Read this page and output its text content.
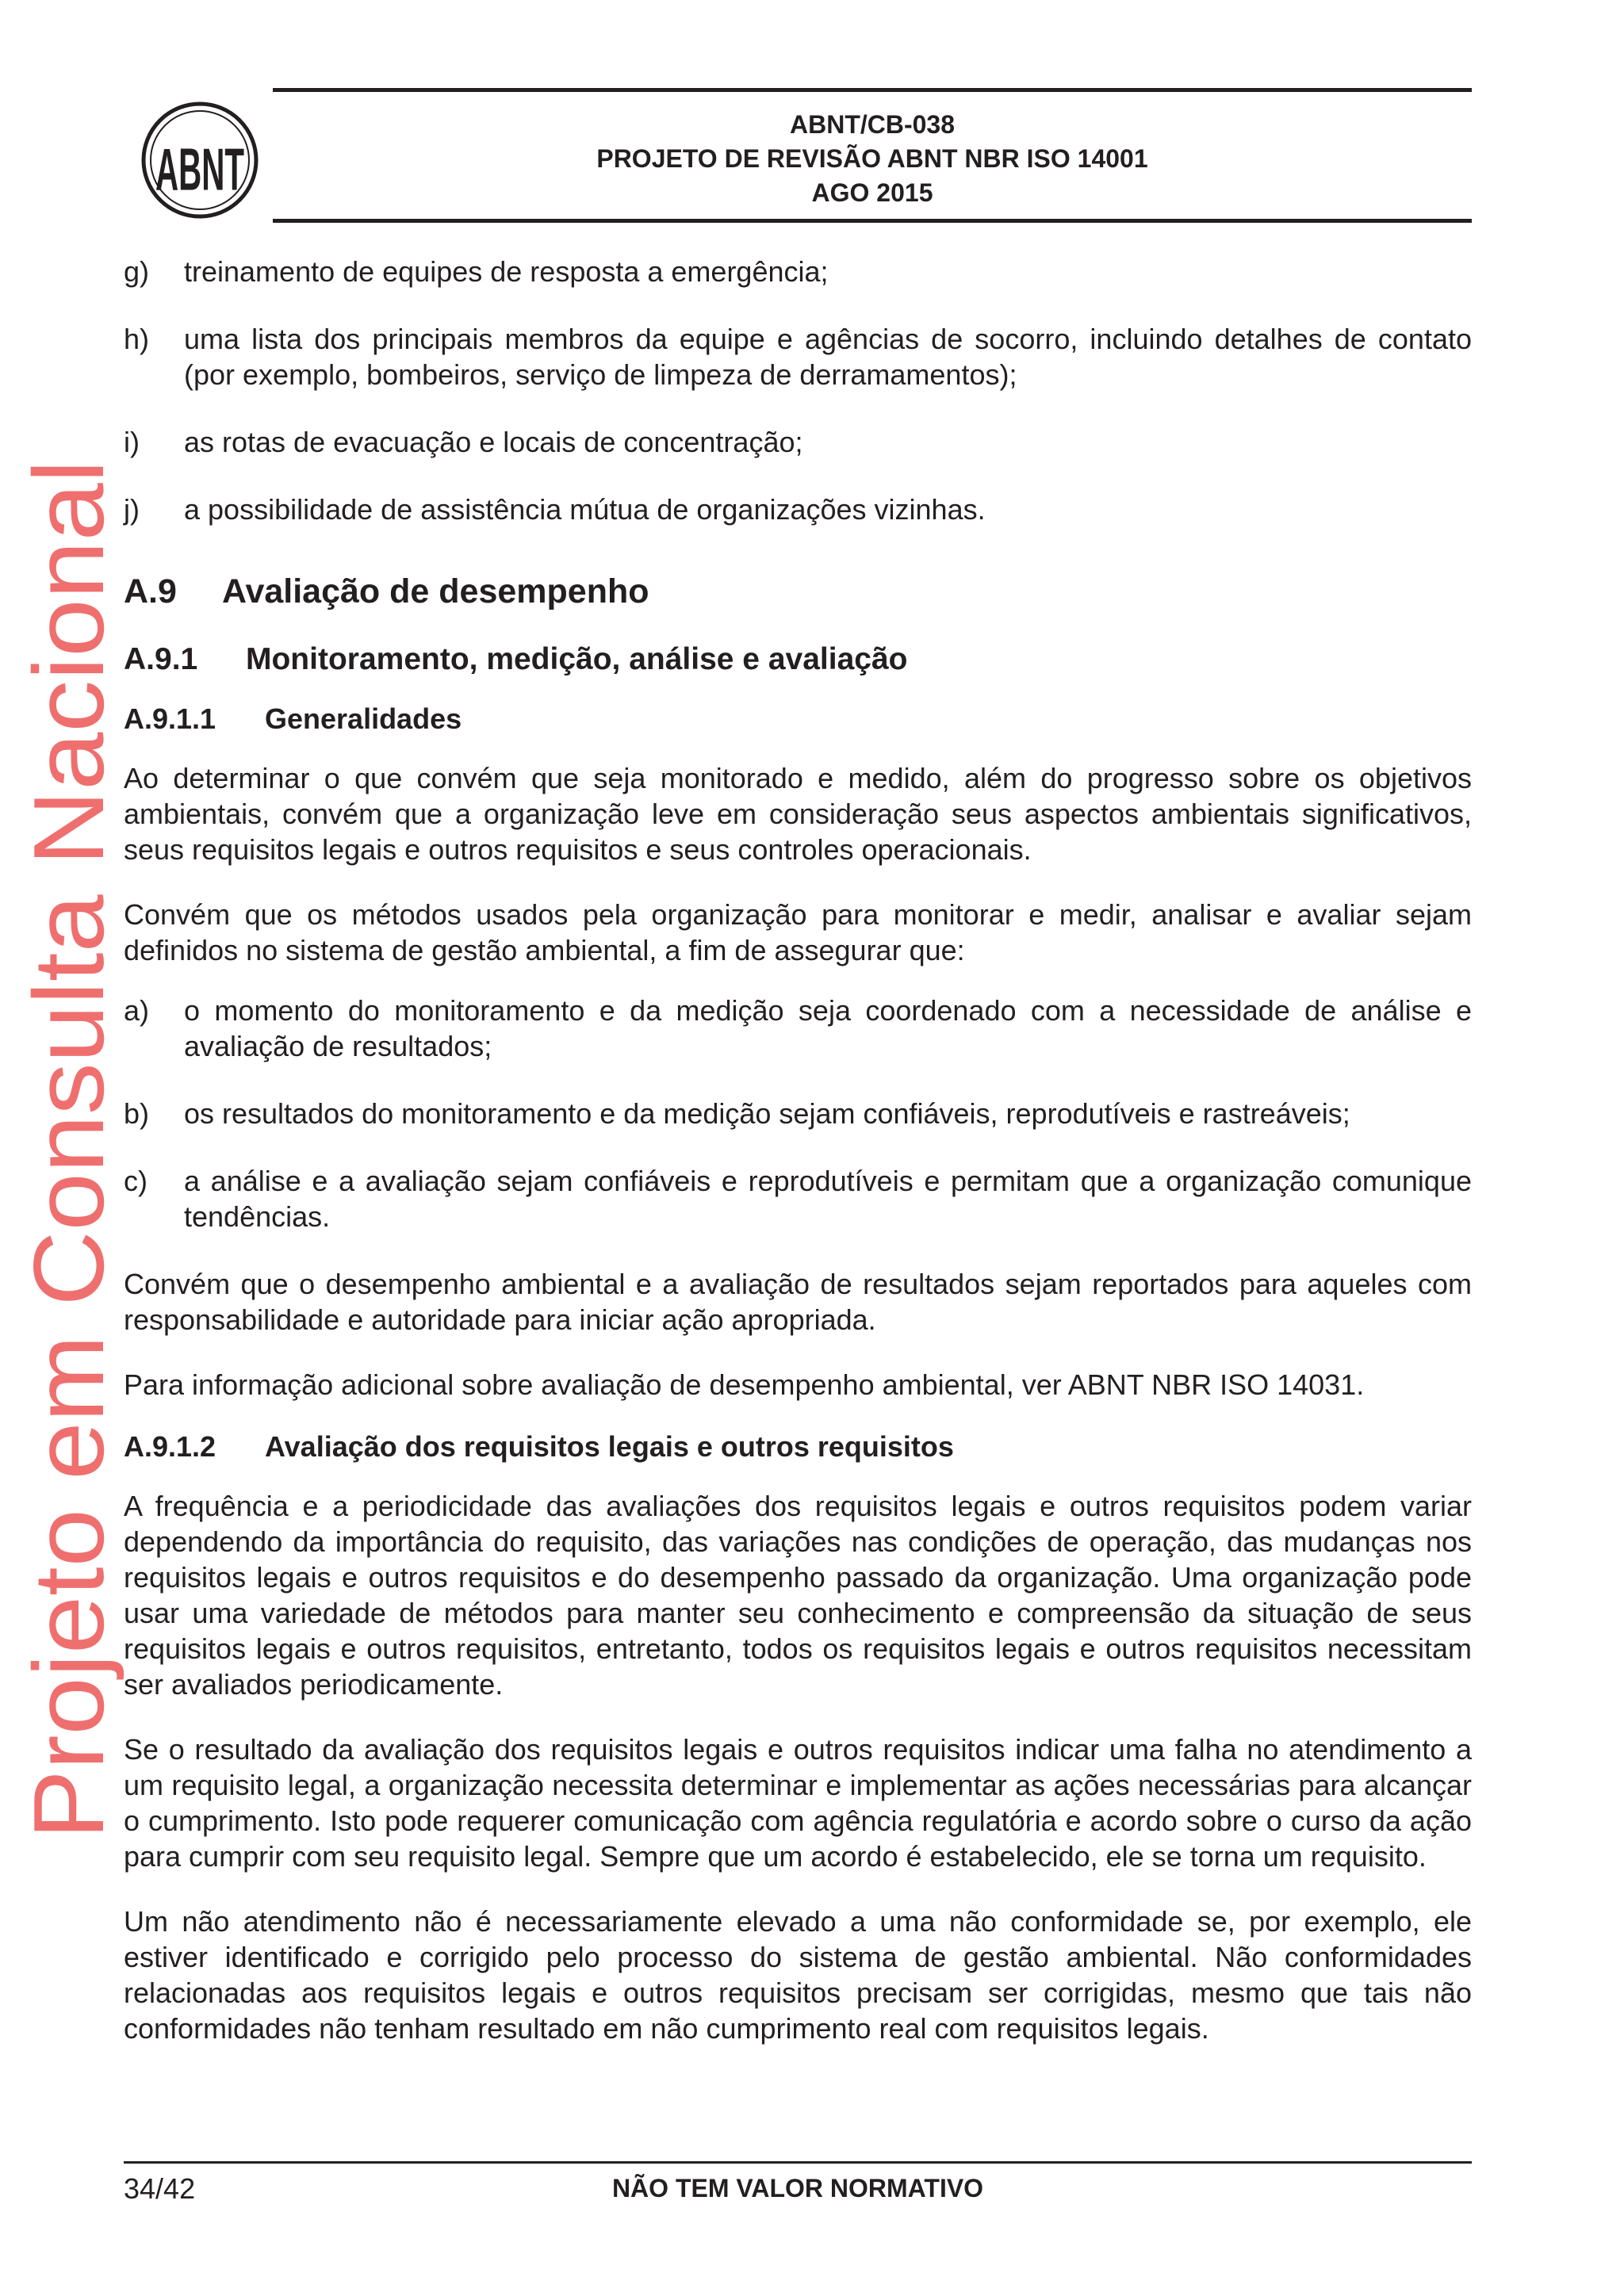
Projeto em Consulta Nacional
ABNT
ABNT/CB-038
PROJETO DE REVISÃO ABNT NBR ISO 14001
AGO 2015
g) treinamento de equipes de resposta a emergência;
h) uma lista dos principais membros da equipe e agências de socorro, incluindo detalhes de contato (por exemplo, bombeiros, serviço de limpeza de derramamentos);
i) as rotas de evacuação e locais de concentração;
j) a possibilidade de assistência mútua de organizações vizinhas.
A.9 Avaliação de desempenho
A.9.1 Monitoramento, medição, análise e avaliação
A.9.1.1 Generalidades
Ao determinar o que convém que seja monitorado e medido, além do progresso sobre os objetivos ambientais, convém que a organização leve em consideração seus aspectos ambientais significativos, seus requisitos legais e outros requisitos e seus controles operacionais.
Convém que os métodos usados pela organização para monitorar e medir, analisar e avaliar sejam definidos no sistema de gestão ambiental, a fim de assegurar que:
a) o momento do monitoramento e da medição seja coordenado com a necessidade de análise e avaliação de resultados;
b) os resultados do monitoramento e da medição sejam confiáveis, reprodutíveis e rastreáveis;
c) a análise e a avaliação sejam confiáveis e reprodutíveis e permitam que a organização comunique tendências.
Convém que o desempenho ambiental e a avaliação de resultados sejam reportados para aqueles com responsabilidade e autoridade para iniciar ação apropriada.
Para informação adicional sobre avaliação de desempenho ambiental, ver ABNT NBR ISO 14031.
A.9.1.2 Avaliação dos requisitos legais e outros requisitos
A frequência e a periodicidade das avaliações dos requisitos legais e outros requisitos podem variar dependendo da importância do requisito, das variações nas condições de operação, das mudanças nos requisitos legais e outros requisitos e do desempenho passado da organização. Uma organização pode usar uma variedade de métodos para manter seu conhecimento e compreensão da situação de seus requisitos legais e outros requisitos, entretanto, todos os requisitos legais e outros requisitos necessitam ser avaliados periodicamente.
Se o resultado da avaliação dos requisitos legais e outros requisitos indicar uma falha no atendimento a um requisito legal, a organização necessita determinar e implementar as ações necessárias para alcançar o cumprimento. Isto pode requerer comunicação com agência regulatória e acordo sobre o curso da ação para cumprir com seu requisito legal. Sempre que um acordo é estabelecido, ele se torna um requisito.
Um não atendimento não é necessariamente elevado a uma não conformidade se, por exemplo, ele estiver identificado e corrigido pelo processo do sistema de gestão ambiental. Não conformidades relacionadas aos requisitos legais e outros requisitos precisam ser corrigidas, mesmo que tais não conformidades não tenham resultado em não cumprimento real com requisitos legais.
34/42	NÃO TEM VALOR NORMATIVO
